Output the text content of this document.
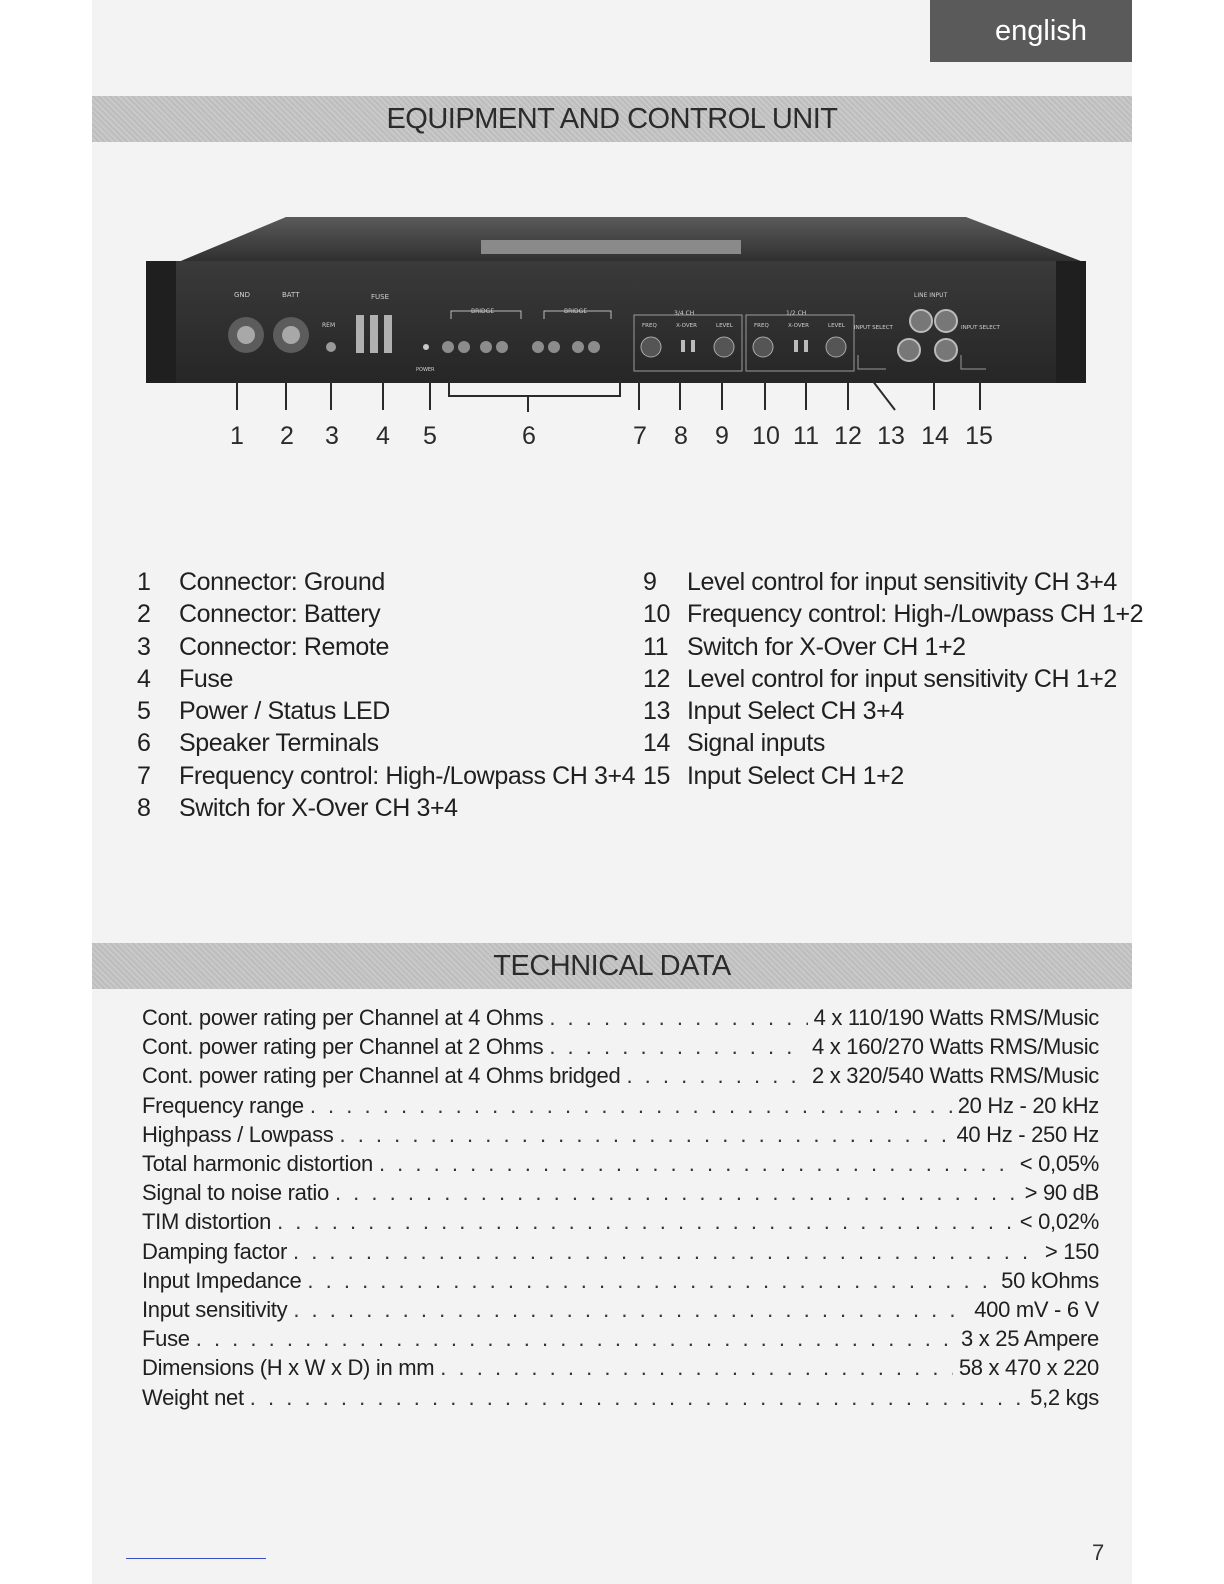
english
EQUIPMENT AND CONTROL UNIT
GND	BATT
REM
FUSE
POWER
BRIDGE	BRIDGE	3/4 CH
FREQ	X-OVER	LEVEL
1/2 CH
FREQ	X-OVER	LEVEL INPUT SELECT
LINE INPUT
INPUT SELECT
1 2 3 4 5	6	7 8 9 10 11 12 13 14 15
1	Connector: Ground
2	Connector: Battery
3	Connector: Remote
4	Fuse
5	Power / Status LED
6	Speaker Terminals
7	Frequency control: High-/Lowpass CH 3+4
8	Switch for X-Over CH 3+4
9	Level control for input sensitivity CH 3+4
10 Frequency control: High-/Lowpass CH 1+2
11 Switch for X-Over CH 1+2
12 Level control for input sensitivity CH 1+2
13 Input Select CH 3+4
14 Signal inputs
15 Input Select CH 1+2
TECHNICAL DATA
Cont. power rating per Channel at 4 Ohms . . .	4 x 110/190 Watts RMS/Music
Cont. power rating per Channel at 2 Ohms . . .	4 x 160/270 Watts RMS/Music
Cont. power rating per Channel at 4 Ohms bridged . . .	2 x 320/540 Watts RMS/Music
Frequency range . . .	20 Hz - 20 kHz
Highpass / Lowpass . . .	40 Hz - 250 Hz
Total harmonic distortion . . .	< 0,05%
Signal to noise ratio . . .	> 90 dB
TIM distortion . . .	< 0,02%
Damping factor . . .	> 150
Input Impedance . . .	50 kOhms
Input sensitivity . . .	400 mV - 6 V
Fuse . . .	3 x 25 Ampere
Dimensions (H x W x D) in mm . . .	58 x 470 x 220
Weight net . . .	5,2 kgs
7
